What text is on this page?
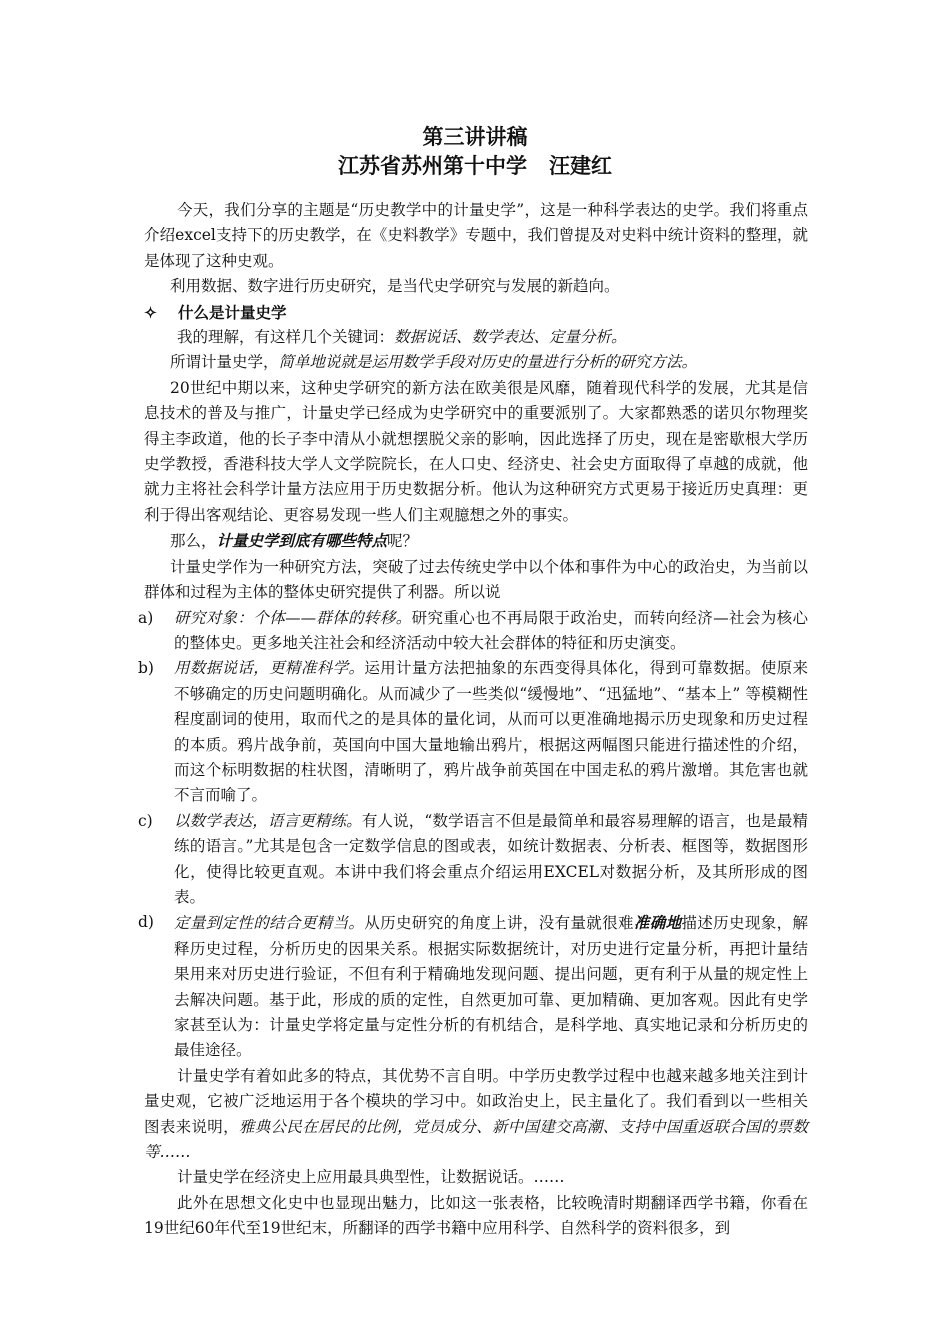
第三讲讲稿
江苏省苏州第十中学 汪建红

今天，我们分享的主题是“历史教学中的计量史学”，这是一种科学表达的史学。我们将重点介绍excel支持下的历史教学，在《史料教学》专题中，我们曾提及对史料中统计资料的整理，就是体现了这种史观。

利用数据、数字进行历史研究，是当代史学研究与发展的新趋向。

✧	什么是计量史学

我的理解，有这样几个关键词：数据说话、数学表达、定量分析。

所谓计量史学，简单地说就是运用数学手段对历史的量进行分析的研究方法。

20世纪中期以来，这种史学研究的新方法在欧美很是风靡，随着现代科学的发展，尤其是信息技术的普及与推广，计量史学已经成为史学研究中的重要派别了。大家都熟悉的诺贝尔物理奖得主李政道，他的长子李中清从小就想摆脱父亲的影响，因此选择了历史，现在是密歇根大学历史学教授，香港科技大学人文学院院长，在人口史、经济史、社会史方面取得了卓越的成就，他就力主将社会科学计量方法应用于历史数据分析。他认为这种研究方式更易于接近历史真理：更利于得出客观结论、更容易发现一些人们主观臆想之外的事实。

那么，计量史学到底有哪些特点呢？

计量史学作为一种研究方法，突破了过去传统史学中以个体和事件为中心的政治史，为当前以群体和过程为主体的整体史研究提供了利器。所以说

a)	研究对象：个体——群体的转移。研究重心也不再局限于政治史，而转向经济—社会为核心的整体史。更多地关注社会和经济活动中较大社会群体的特征和历史演变。
b)	用数据说话，更精准科学。运用计量方法把抽象的东西变得具体化，得到可靠数据。使原来不够确定的历史问题明确化。从而减少了一些类似“缓慢地”、“迅猛地”、“基本上” 等模糊性程度副词的使用，取而代之的是具体的量化词，从而可以更准确地揭示历史现象和历史过程的本质。鸦片战争前，英国向中国大量地输出鸦片，根据这两幅图只能进行描述性的介绍，而这个标明数据的柱状图，清晰明了，鸦片战争前英国在中国走私的鸦片激增。其危害也就不言而喻了。
c)	以数学表达，语言更精练。有人说，“数学语言不但是最简单和最容易理解的语言，也是最精练的语言。”尤其是包含一定数学信息的图或表，如统计数据表、分析表、框图等，数据图形化，使得比较更直观。本讲中我们将会重点介绍运用EXCEL对数据分析，及其所形成的图表。
d)	定量到定性的结合更精当。从历史研究的角度上讲，没有量就很难准确地描述历史现象，解释历史过程，分析历史的因果关系。根据实际数据统计，对历史进行定量分析，再把计量结果用来对历史进行验证，不但有利于精确地发现问题、提出问题，更有利于从量的规定性上去解决问题。基于此，形成的质的定性，自然更加可靠、更加精确、更加客观。因此有史学家甚至认为：计量史学将定量与定性分析的有机结合，是科学地、真实地记录和分析历史的最佳途径。

计量史学有着如此多的特点，其优势不言自明。中学历史教学过程中也越来越多地关注到计量史观，它被广泛地运用于各个模块的学习中。如政治史上，民主量化了。我们看到以一些相关图表来说明，雅典公民在居民的比例，党员成分、新中国建交高潮、支持中国重返联合国的票数等……

计量史学在经济史上应用最具典型性，让数据说话。……

此外在思想文化史中也显现出魅力，比如这一张表格，比较晚清时期翻译西学书籍，你看在19世纪60年代至19世纪末，所翻译的西学书籍中应用科学、自然科学的资料很多，到
